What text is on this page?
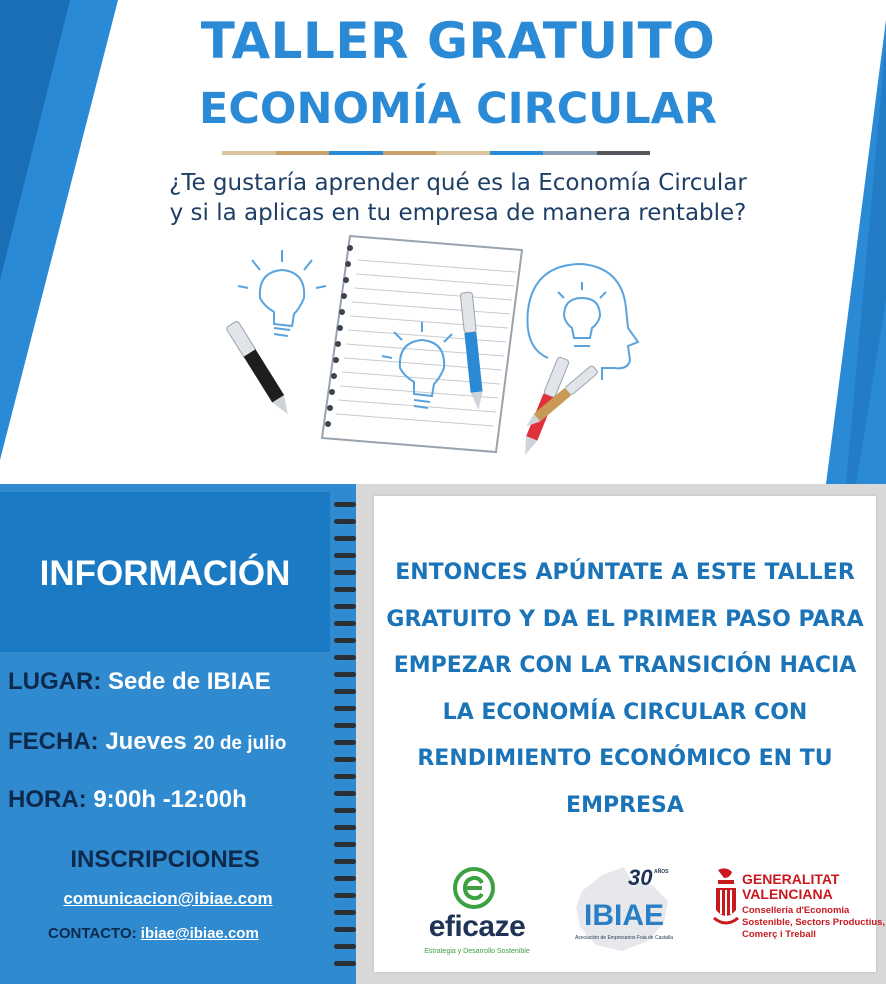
TALLER GRATUITO
ECONOMÍA CIRCULAR
¿Te gustaría aprender qué es la Economía Circular
y si la aplicas en tu empresa de manera rentable?
INFORMACIÓN
LUGAR: Sede de IBIAE
FECHA: Jueves 20 de julio
HORA: 9:00h -12:00h
INSCRIPCIONES
comunicacion@ibiae.com
CONTACTO: ibiae@ibiae.com
ENTONCES APÚNTATE A ESTE TALLER
GRATUITO Y DA EL PRIMER PASO PARA
EMPEZAR CON LA TRANSICIÓN HACIA
LA ECONOMÍA CIRCULAR CON
RENDIMIENTO ECONÓMICO EN TU
EMPRESA
eficaze
Estrategia y Desarrollo Sostenible
30 AÑOS
IBIAE
Asociación de Empresarios Foia de Castalla
GENERALITAT
VALENCIANA
Conselleria d'Economia
Sostenible, Sectors Productius,
Comerç i Treball
